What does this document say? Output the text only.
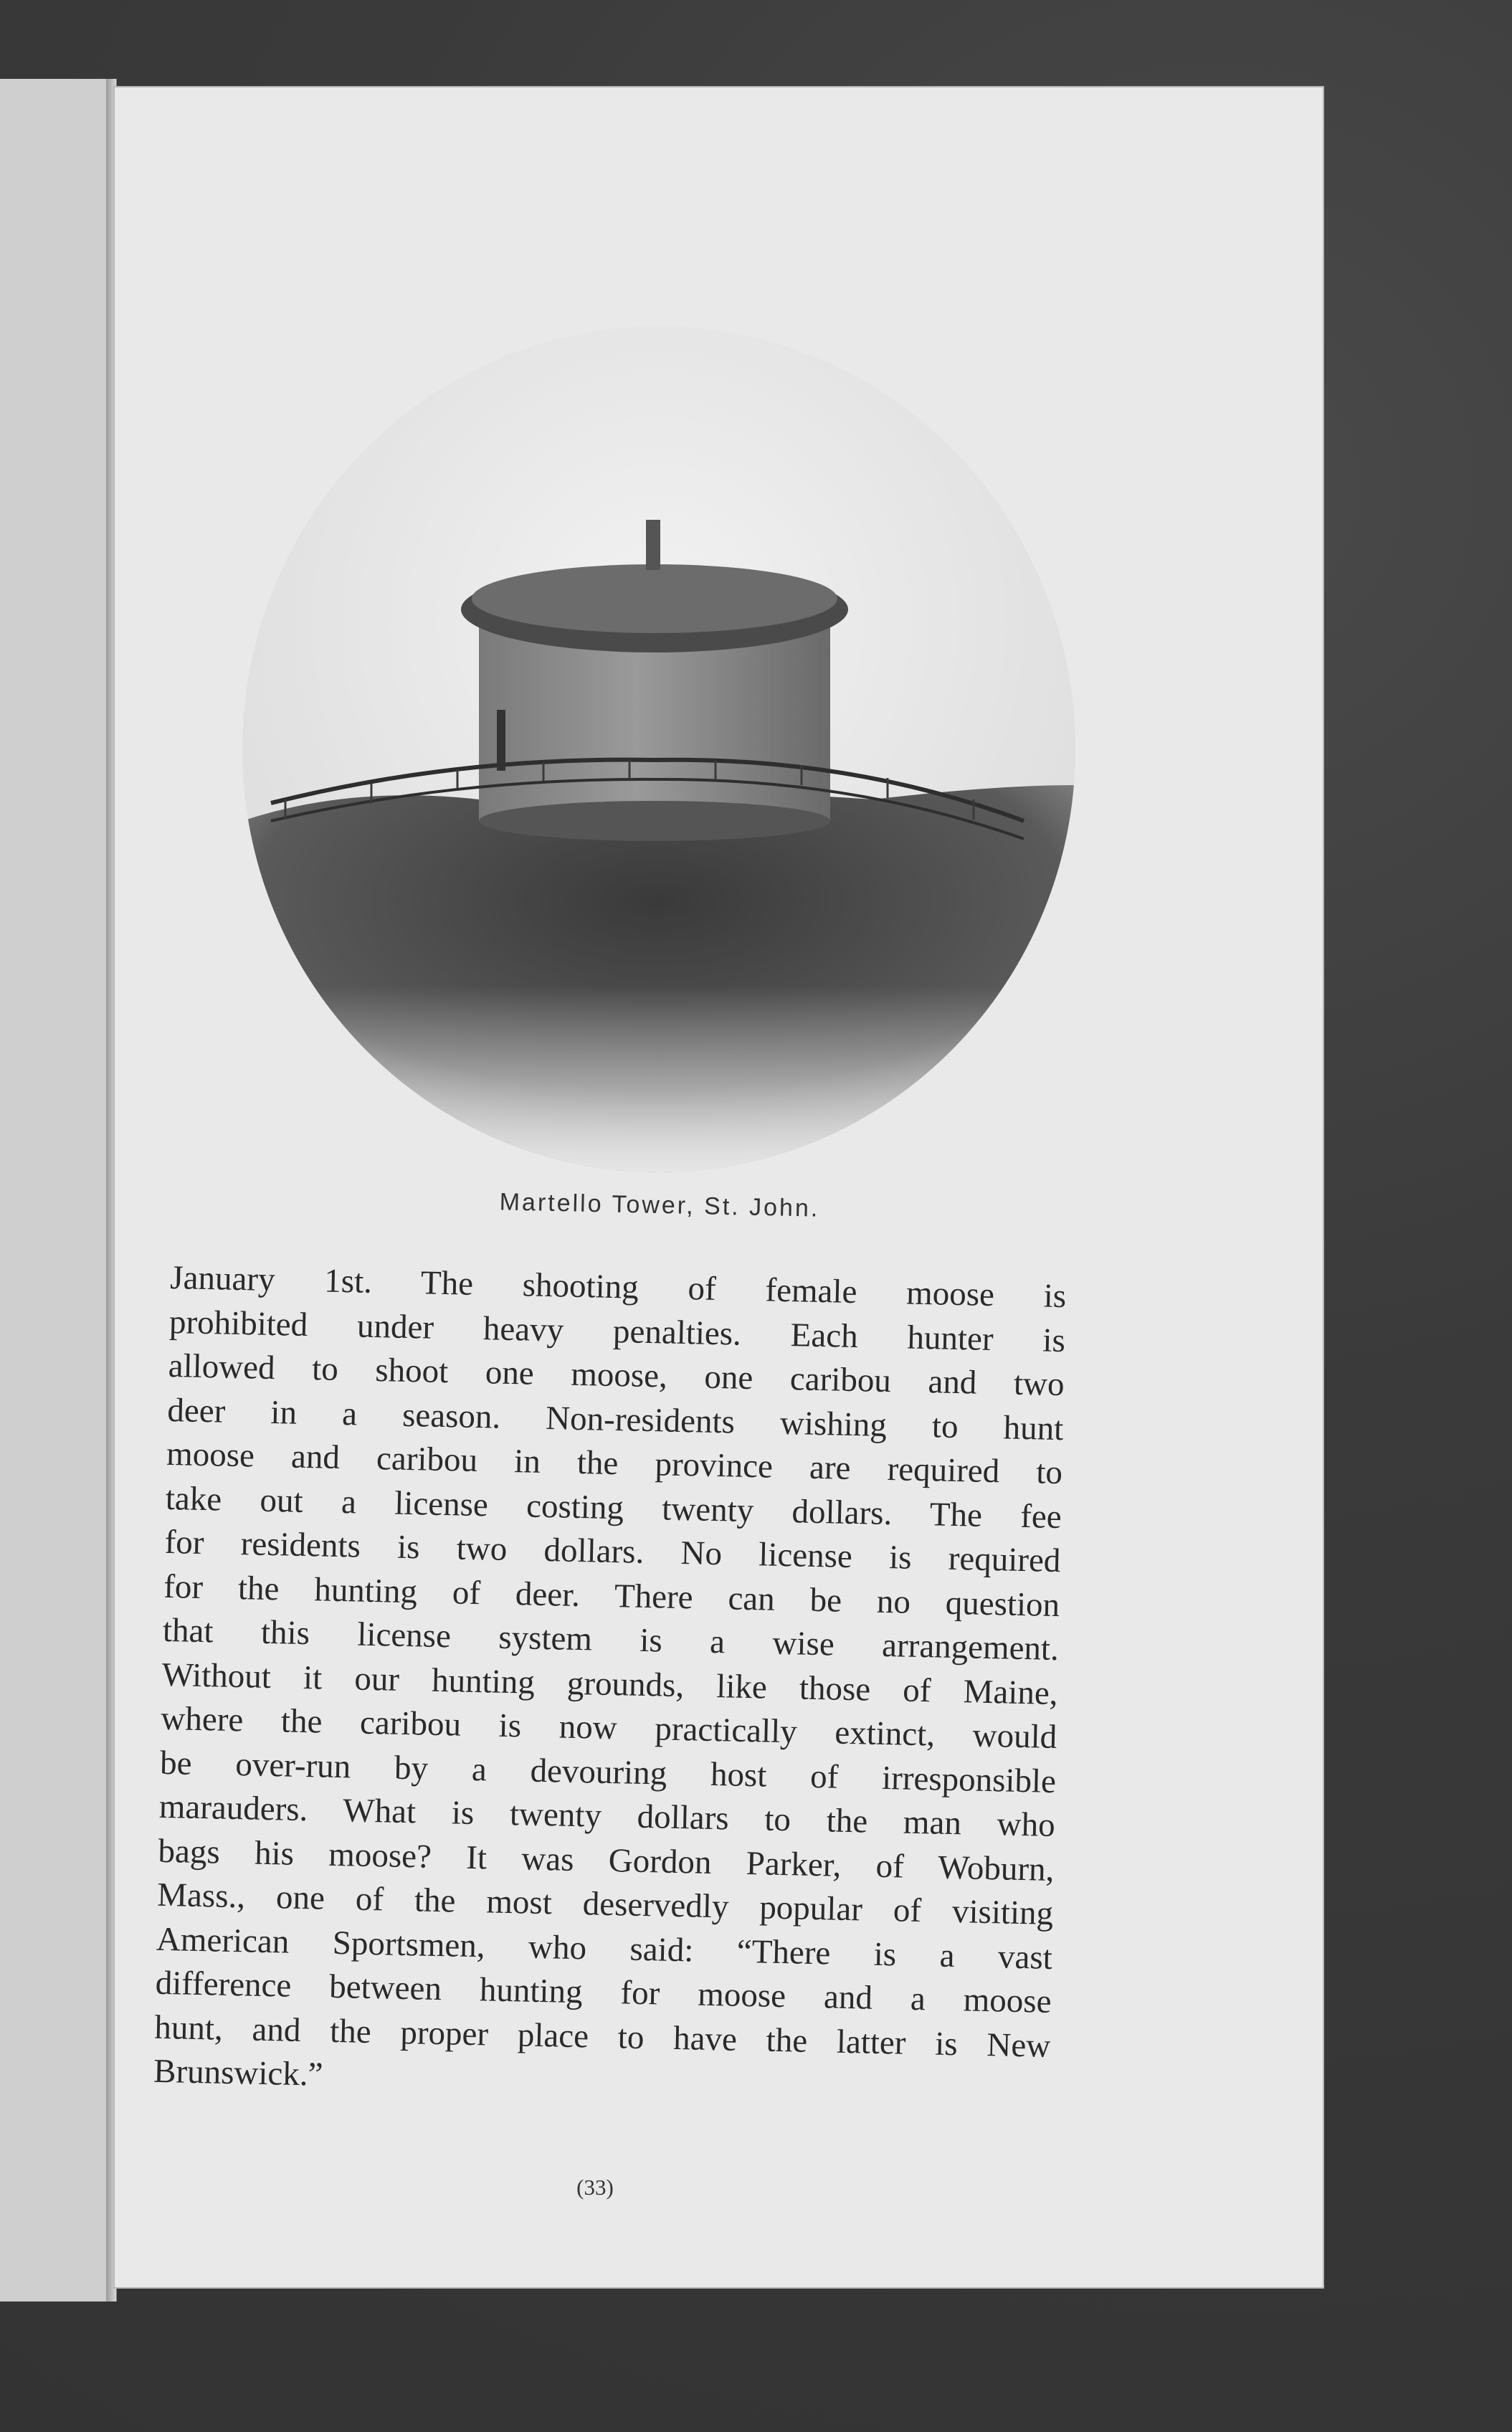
Martello Tower, St. John.
January 1st. The shooting of female moose is
prohibited under heavy penalties. Each hunter is
allowed to shoot one moose, one caribou and two
deer in a season. Non-residents wishing to hunt
moose and caribou in the province are required to
take out a license costing twenty dollars. The fee
for residents is two dollars. No license is required
for the hunting of deer. There can be no question
that this license system is a wise arrangement.
Without it our hunting grounds, like those of Maine,
where the caribou is now practically extinct, would
be over-run by a devouring host of irresponsible
marauders. What is twenty dollars to the man who
bags his moose? It was Gordon Parker, of Woburn,
Mass., one of the most deservedly popular of visiting
American Sportsmen, who said: “There is a vast
difference between hunting for moose and a moose
hunt, and the proper place to have the latter is New
Brunswick.”
(33)
